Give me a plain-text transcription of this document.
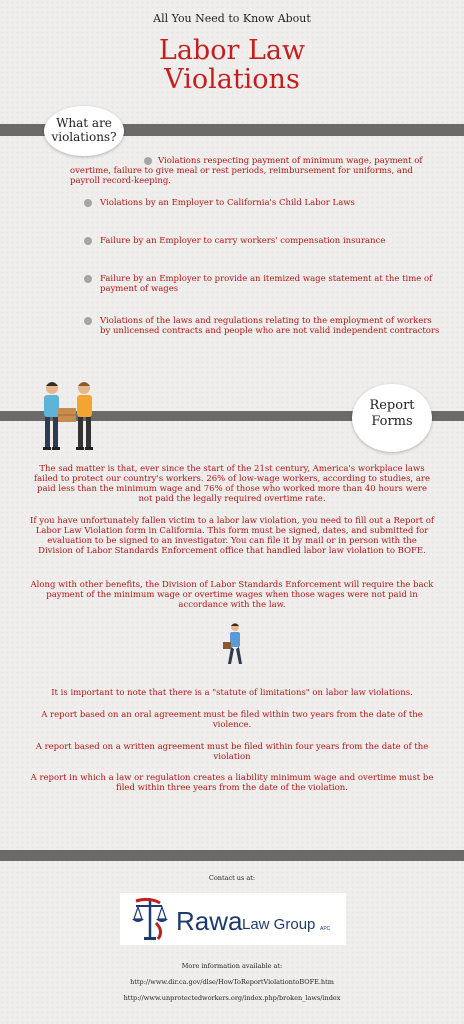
All You Need to Know About
Labor Law
Violations
What are
violations?
Violations respecting payment of minimum wage, payment of overtime, failure to give meal or rest periods, reimbursement for uniforms, and payroll record-keeping.
Violations by an Employer to California's Child Labor Laws
Failure by an Employer to carry workers' compensation insurance
Failure by an Employer to provide an itemized wage statement at the time of payment of wages
Violations of the laws and regulations relating to the employment of workers by unlicensed contracts and people who are not valid independent contractors
Report
Forms
The sad matter is that, ever since the start of the 21st century, America's workplace laws failed to protect our country's workers. 26% of low-wage workers, according to studies, are paid less than the minimum wage and 76% of those who worked more than 40 hours were not paid the legally required overtime rate.
If you have unfortunately fallen victim to a labor law violation, you need to fill out a Report of Labor Law Violation form in California. This form must be signed, dates, and submitted for evaluation to be signed to an investigator. You can file it by mail or in person with the Division of Labor Standards Enforcement office that handled labor law violation to BOFE.
Along with other benefits, the Division of Labor Standards Enforcement will require the back payment of the minimum wage or overtime wages when those wages were not paid in accordance with the law.
It is important to note that there is a "statute of limitations" on labor law violations.
A report based on an oral agreement must be filed within two years from the date of the violence.
A report based on a written agreement must be filed within four years from the date of the violation
A report in which a law or regulation creates a liability minimum wage and overtime must be filed within three years from the date of the violation.
Contact us at:
Rawa Law Group APC
More information available at:
http://www.dir.ca.gov/dlse/HowToReportViolationtoBOFE.htm
http://www.unprotectedworkers.org/index.php/broken_laws/index
